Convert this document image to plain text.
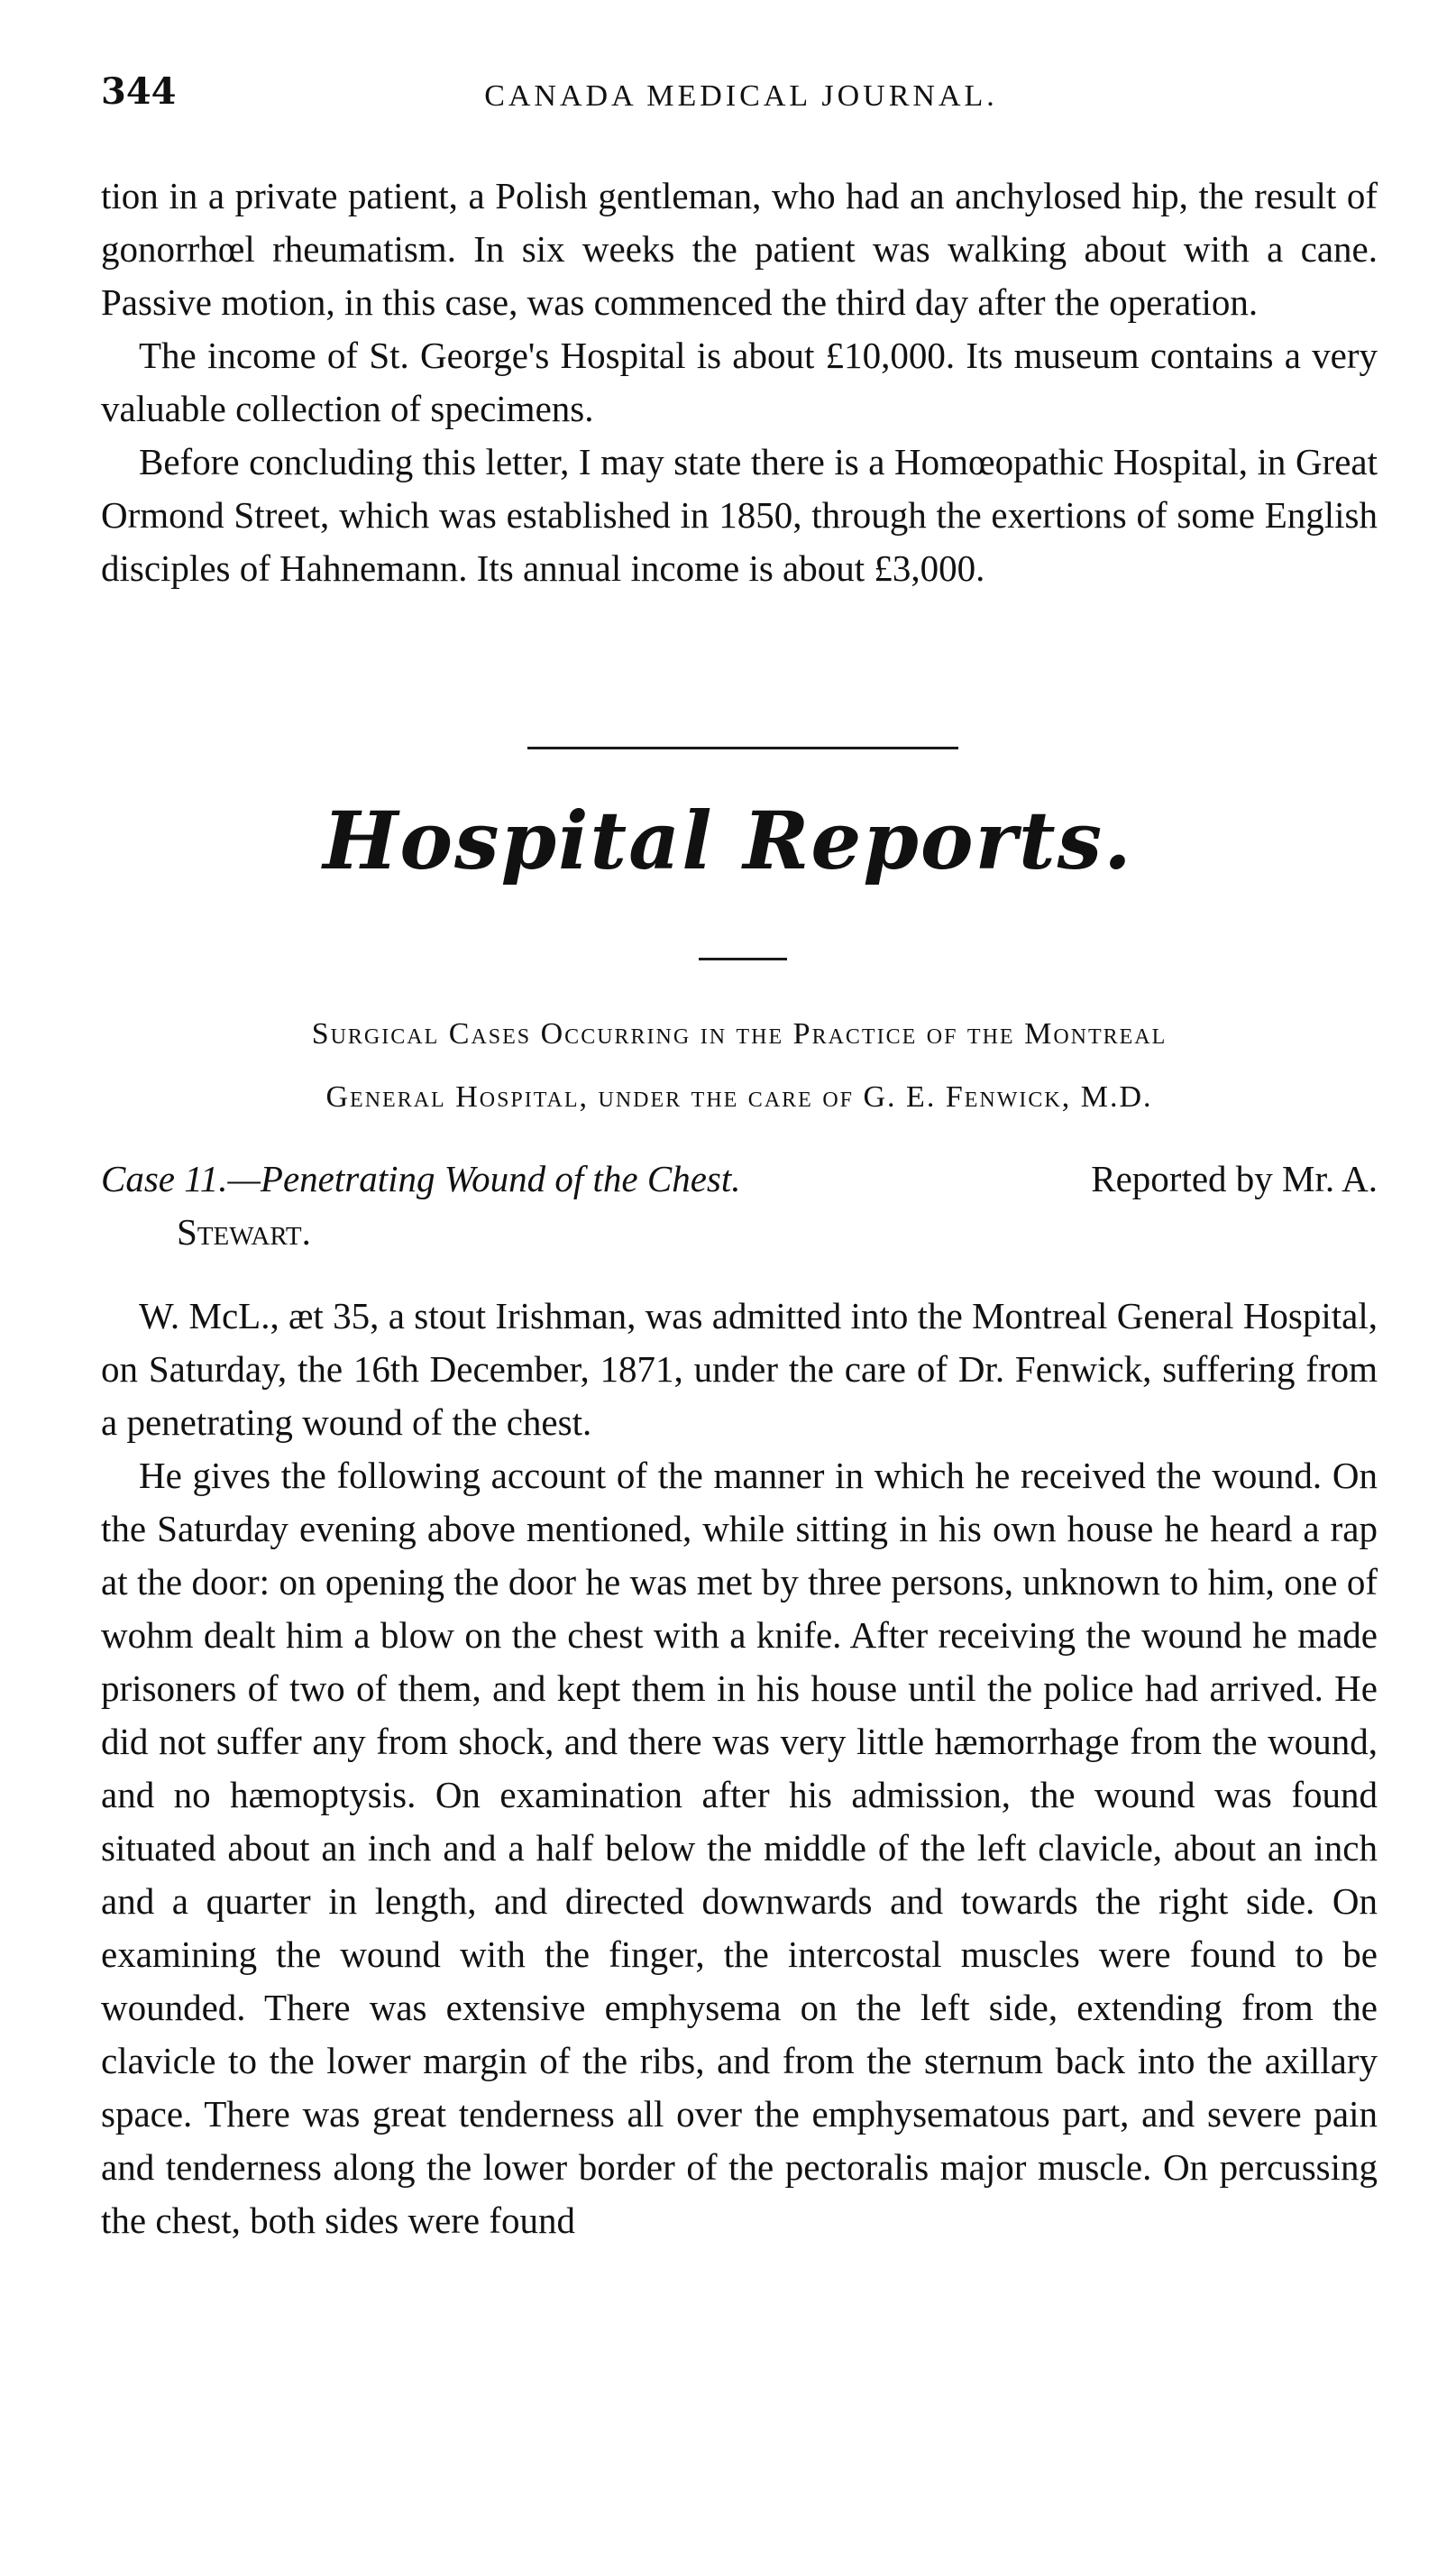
344	CANADA MEDICAL JOURNAL.

tion in a private patient, a Polish gentleman, who had an anchylosed hip, the result of gonorrhœl rheumatism. In six weeks the patient was walking about with a cane. Passive motion, in this case, was commenced the third day after the operation.

The income of St. George's Hospital is about £10,000. Its museum contains a very valuable collection of specimens.

Before concluding this letter, I may state there is a Homœopathic Hospital, in Great Ormond Street, which was established in 1850, through the exertions of some English disciples of Hahnemann. Its annual income is about £3,000.

Hospital Reports.
Surgical Cases Occurring in the Practice of the Montreal
General Hospital, under the care of G. E. Fenwick, M.D.
Case 11.—Penetrating Wound of the Chest.	Reported by Mr. A.
Stewart.

W. McL., æt 35, a stout Irishman, was admitted into the Montreal General Hospital, on Saturday, the 16th December, 1871, under the care of Dr. Fenwick, suffering from a penetrating wound of the chest.

He gives the following account of the manner in which he received the wound. On the Saturday evening above mentioned, while sitting in his own house he heard a rap at the door: on opening the door he was met by three persons, unknown to him, one of wohm dealt him a blow on the chest with a knife. After receiving the wound he made prisoners of two of them, and kept them in his house until the police had arrived. He did not suffer any from shock, and there was very little hæmorrhage from the wound, and no hæmoptysis. On examination after his admission, the wound was found situated about an inch and a half below the middle of the left clavicle, about an inch and a quarter in length, and directed downwards and towards the right side. On examining the wound with the finger, the intercostal muscles were found to be wounded. There was extensive emphysema on the left side, extending from the clavicle to the lower margin of the ribs, and from the sternum back into the axillary space. There was great tenderness all over the emphysematous part, and severe pain and tenderness along the lower border of the pectoralis major muscle. On percussing the chest, both sides were found
